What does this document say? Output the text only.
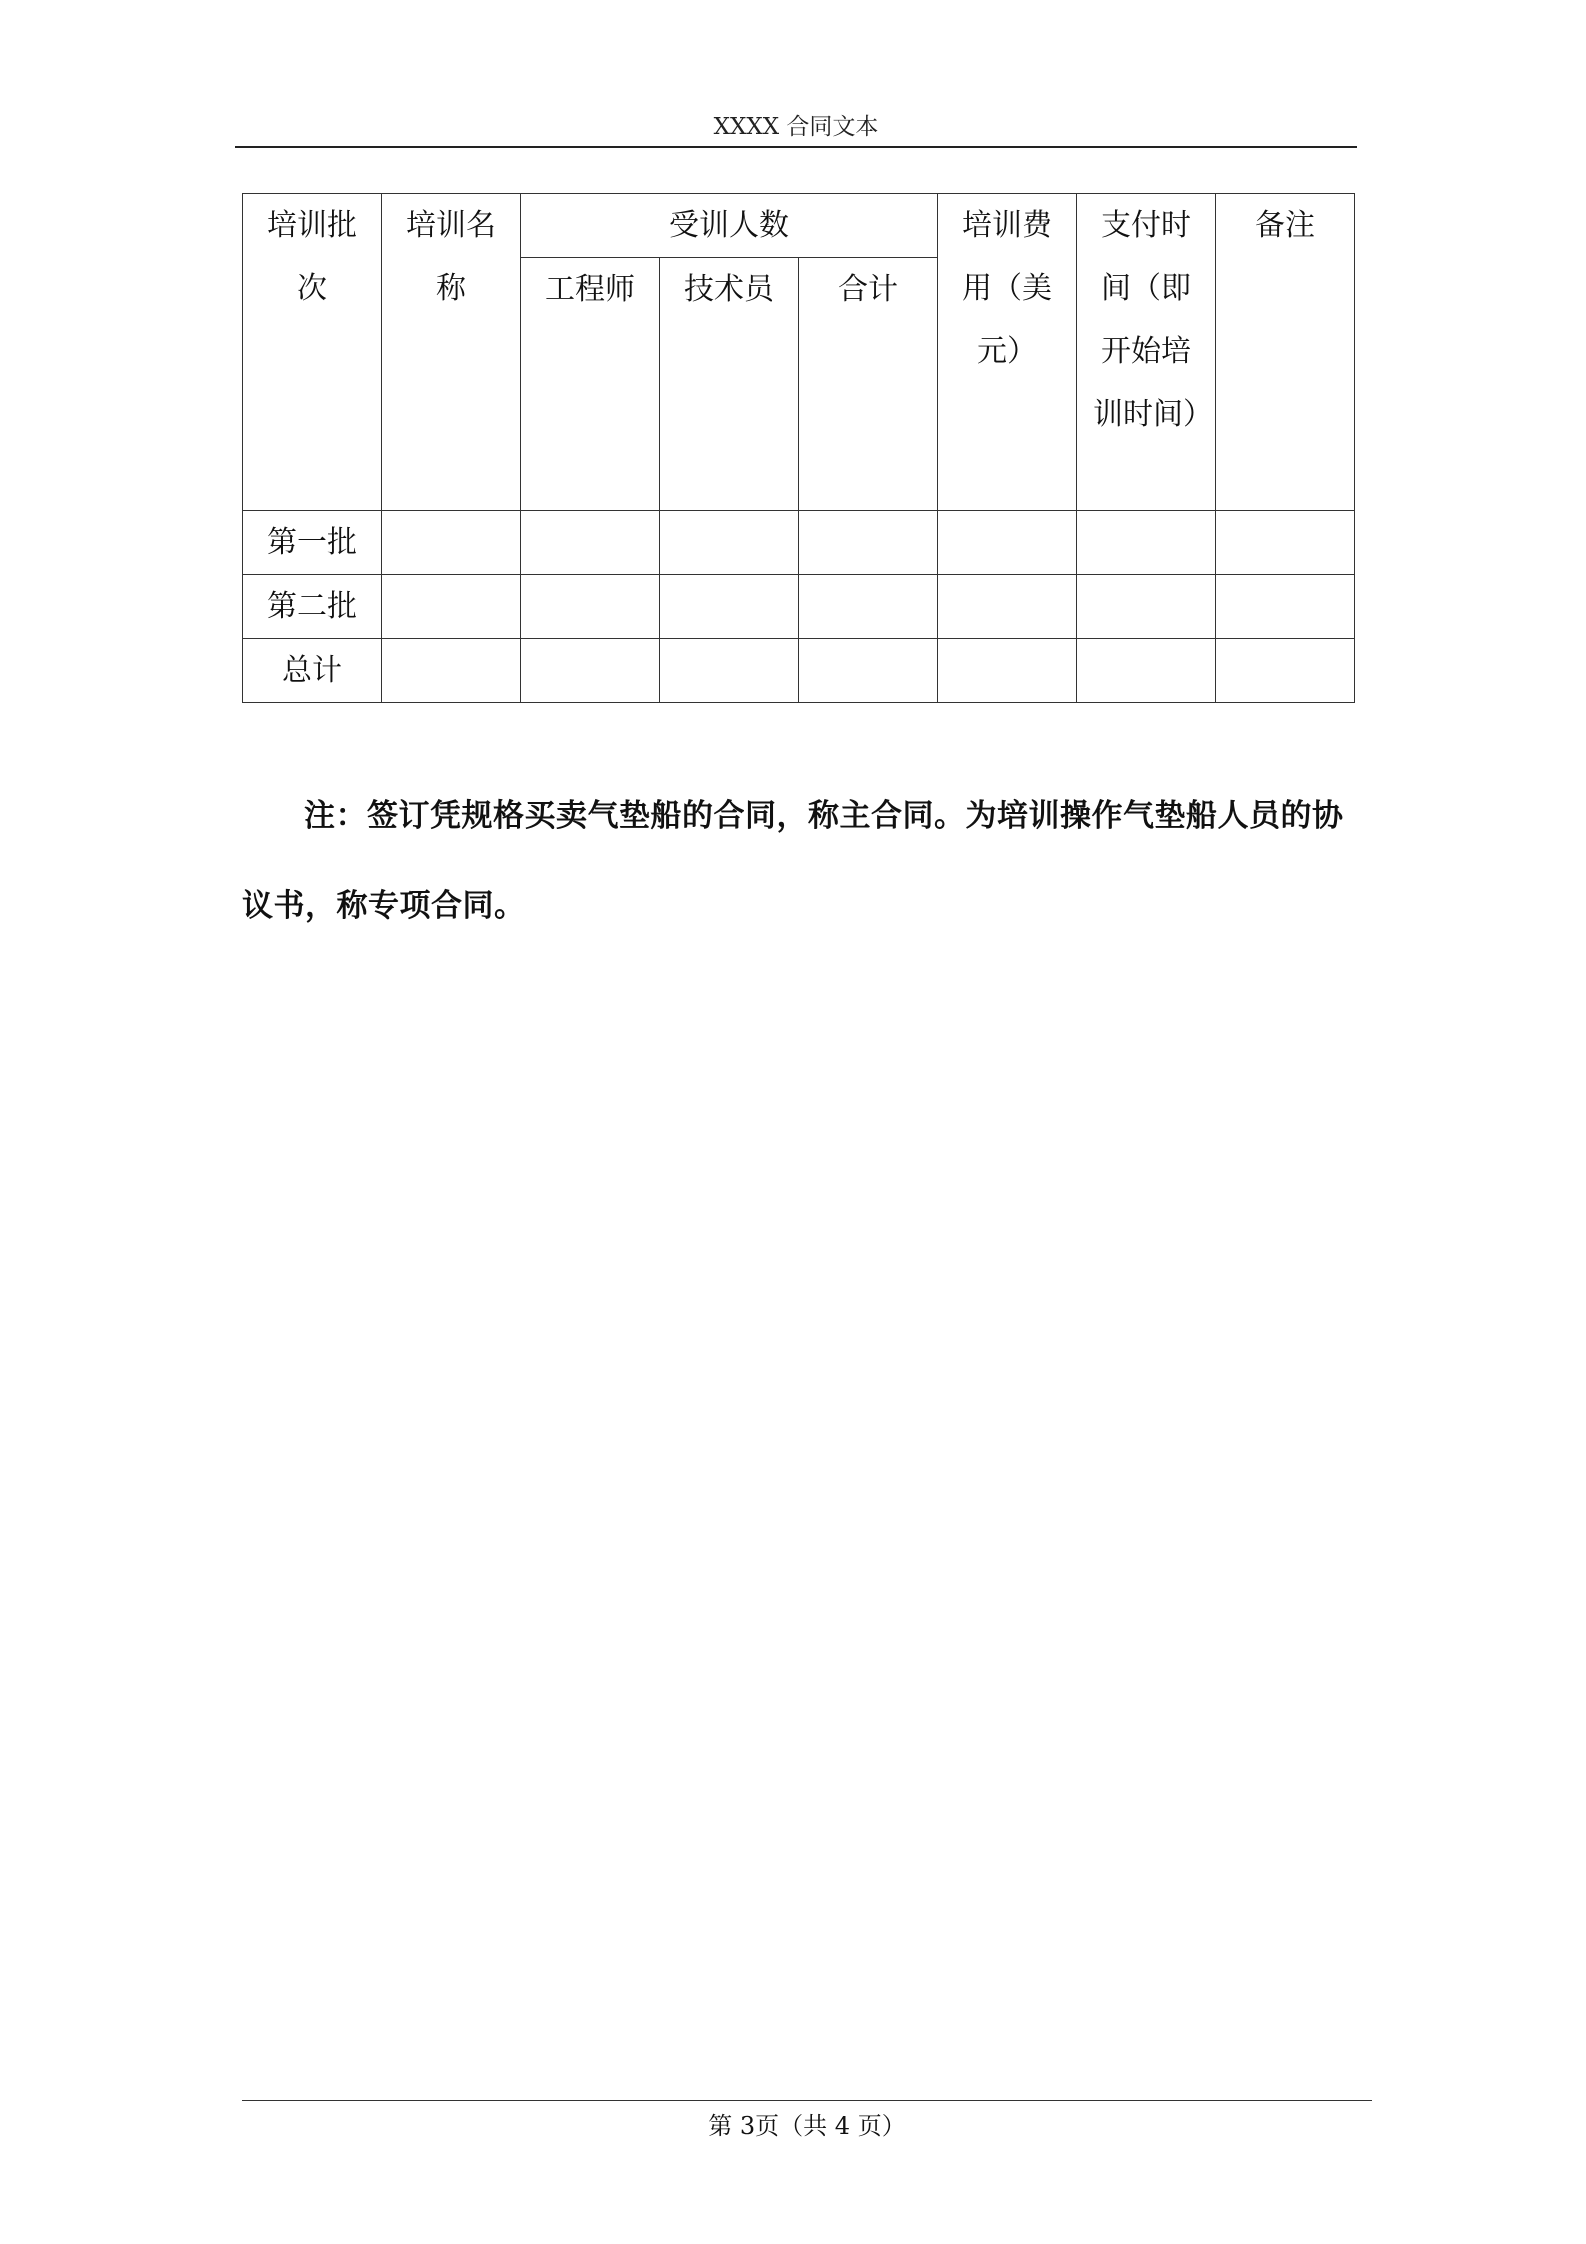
XXXX 合同文本
培训批次	培训名称	受训人数			培训费用（美元）	支付时间（即开始培训时间）	备注
		工程师	技术员	合计			
第一批							
第二批							
总计							

注：签订凭规格买卖气垫船的合同，称主合同。为培训操作气垫船人员的协议书，称专项合同。

第 3页（共 4 页）
